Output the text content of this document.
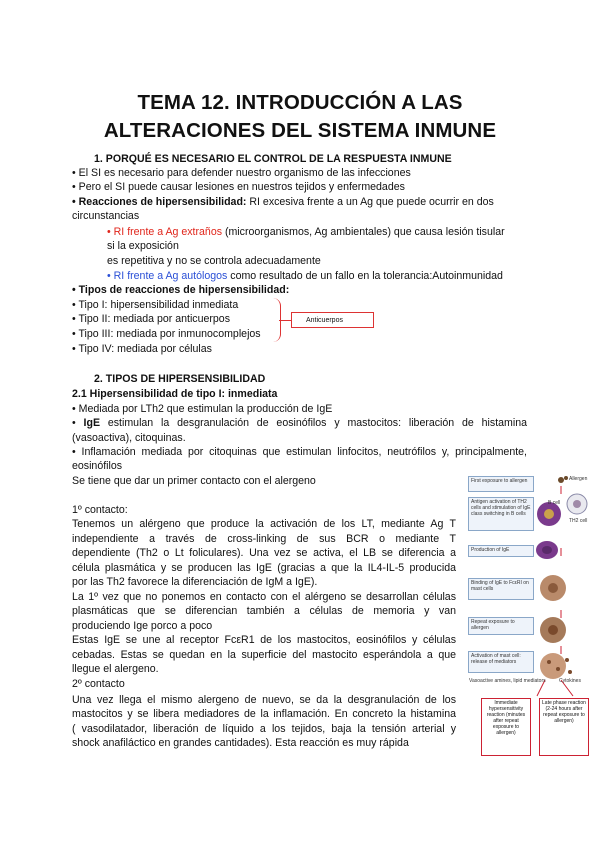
TEMA 12. INTRODUCCIÓN A LAS
ALTERACIONES DEL SISTEMA INMUNE
1. PORQUÉ ES NECESARIO EL CONTROL DE LA RESPUESTA INMUNE
• El SI es necesario para defender nuestro organismo de las infecciones
• Pero el SI puede causar lesiones en nuestros tejidos y enfermedades
• Reacciones de hipersensibilidad: RI excesiva frente a un Ag que puede ocurrir en dos
circunstancias
• RI frente a Ag extraños (microorganismos, Ag ambientales) que causa lesión tisular
si la exposición
es repetitiva y no se controla adecuadamente
• RI frente a Ag autólogos como resultado de un fallo en la tolerancia:Autoinmunidad
• Tipos de reacciones de hipersensibilidad:
• Tipo I: hipersensibilidad inmediata
• Tipo II: mediada por anticuerpos
• Tipo III: mediada por inmunocomplejos
• Tipo IV: mediada por células
Anticuerpos
2. TIPOS DE HIPERSENSIBILIDAD
2.1 Hipersensibilidad de tipo I: inmediata
• Mediada por LTh2 que estimulan la producción de IgE
• IgE estimulan la desgranulación de eosinófilos y mastocitos: liberación de histamina
(vasoactiva), citoquinas.
• Inflamación mediada por citoquinas que estimulan linfocitos, neutrófilos y, principalmente,
eosinófilos
Se tiene que dar un primer contacto con el alergeno
1º contacto:
Tenemos un alérgeno que produce la activación de los LT, mediante Ag T
independiente a través de cross-linking de sus BCR o mediante T
dependiente (Th2 o Lt foliculares). Una vez se activa, el LB se diferencia a
célula plasmática y se producen las IgE (gracias a que la IL4-IL-5 producida
por las Th2 favorece la diferenciación de IgM a IgE).
La 1º vez que no ponemos en contacto con el alérgeno se desarrollan células
plasmáticas que se diferencian también a células de memoria y van
produciendo Ige porco a poco
Estas IgE se une al receptor FcεR1 de los mastocitos, eosinófilos y células
cebadas. Estas se quedan en la superficie del mastocito esperándola a que
llegue el alergeno.
2º contacto
Una vez llega el mismo alergeno de nuevo, se da la desgranulación de los
mastocitos y se libera mediadores de la inflamación. En concreto la histamina
( vasodilatador, liberación de líquido a los tejidos, baja la tensión arterial y
shock anafiláctico en grandes cantidades). Esta reacción es muy rápida
First exposure to allergen
Antigen activation of TH2 cells and stimulation of IgE class switching in B cells
Production of IgE
Binding of IgE to FcεRI on mast cells
Repeat exposure to allergen
Activation of mast cell: release of mediators
Allergen
B cell
TH2 cell
Vasoactive amines, lipid mediators	Cytokines
Immediate hypersensitivity reaction (minutes after repeat exposure to allergen)
Late phase reaction (2-24 hours after repeat exposure to allergen)
